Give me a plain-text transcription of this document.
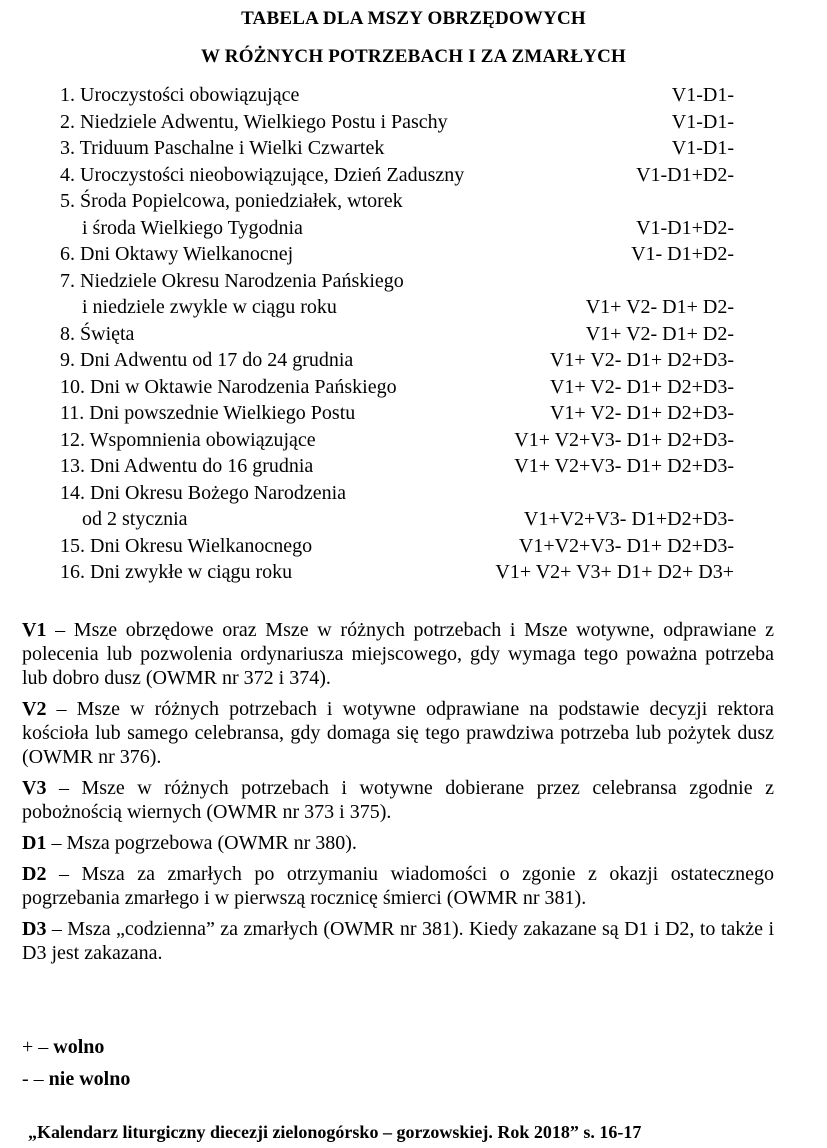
TABELA DLA MSZY OBRZĘDOWYCH
W RÓŻNYCH POTRZEBACH I ZA ZMARŁYCH
1. Uroczystości obowiązujące	V1-D1-
2. Niedziele Adwentu, Wielkiego Postu i Paschy	V1-D1-
3. Triduum Paschalne i Wielki Czwartek	V1-D1-
4. Uroczystości nieobowiązujące, Dzień Zaduszny	V1-D1+D2-
5. Środa Popielcowa, poniedziałek, wtorek
i środa Wielkiego Tygodnia	V1-D1+D2-
6. Dni Oktawy Wielkanocnej	V1- D1+D2-
7. Niedziele Okresu Narodzenia Pańskiego
i niedziele zwykle w ciągu roku	V1+ V2- D1+ D2-
8. Święta	V1+ V2- D1+ D2-
9. Dni Adwentu od 17 do 24 grudnia	V1+ V2- D1+ D2+D3-
10. Dni w Oktawie Narodzenia Pańskiego	V1+ V2- D1+ D2+D3-
11. Dni powszednie Wielkiego Postu	V1+ V2- D1+ D2+D3-
12. Wspomnienia obowiązujące	V1+ V2+V3- D1+ D2+D3-
13. Dni Adwentu do 16 grudnia	V1+ V2+V3- D1+ D2+D3-
14. Dni Okresu Bożego Narodzenia
od 2 stycznia	V1+V2+V3- D1+D2+D3-
15. Dni Okresu Wielkanocnego	V1+V2+V3- D1+ D2+D3-
16. Dni zwykłe w ciągu roku	V1+ V2+ V3+ D1+ D2+ D3+

V1 – Msze obrzędowe oraz Msze w różnych potrzebach i Msze wotywne, odprawiane z polecenia lub pozwolenia ordynariusza miejscowego, gdy wymaga tego poważna potrzeba lub dobro dusz (OWMR nr 372 i 374).

V2 – Msze w różnych potrzebach i wotywne odprawiane na podstawie decyzji rektora kościoła lub samego celebransa, gdy domaga się tego prawdziwa potrzeba lub pożytek dusz (OWMR nr 376).

V3 – Msze w różnych potrzebach i wotywne dobierane przez celebransa zgodnie z pobożnością wiernych (OWMR nr 373 i 375).

D1 – Msza pogrzebowa (OWMR nr 380).

D2 – Msza za zmarłych po otrzymaniu wiadomości o zgonie z okazji ostatecznego pogrzebania zmarłego i w pierwszą rocznicę śmierci (OWMR nr 381).

D3 – Msza „codzienna” za zmarłych (OWMR nr 381). Kiedy zakazane są D1 i D2, to także i D3 jest zakazana.

+ – wolno
- – nie wolno
„Kalendarz liturgiczny diecezji zielonogórsko – gorzowskiej. Rok 2018” s. 16-17
